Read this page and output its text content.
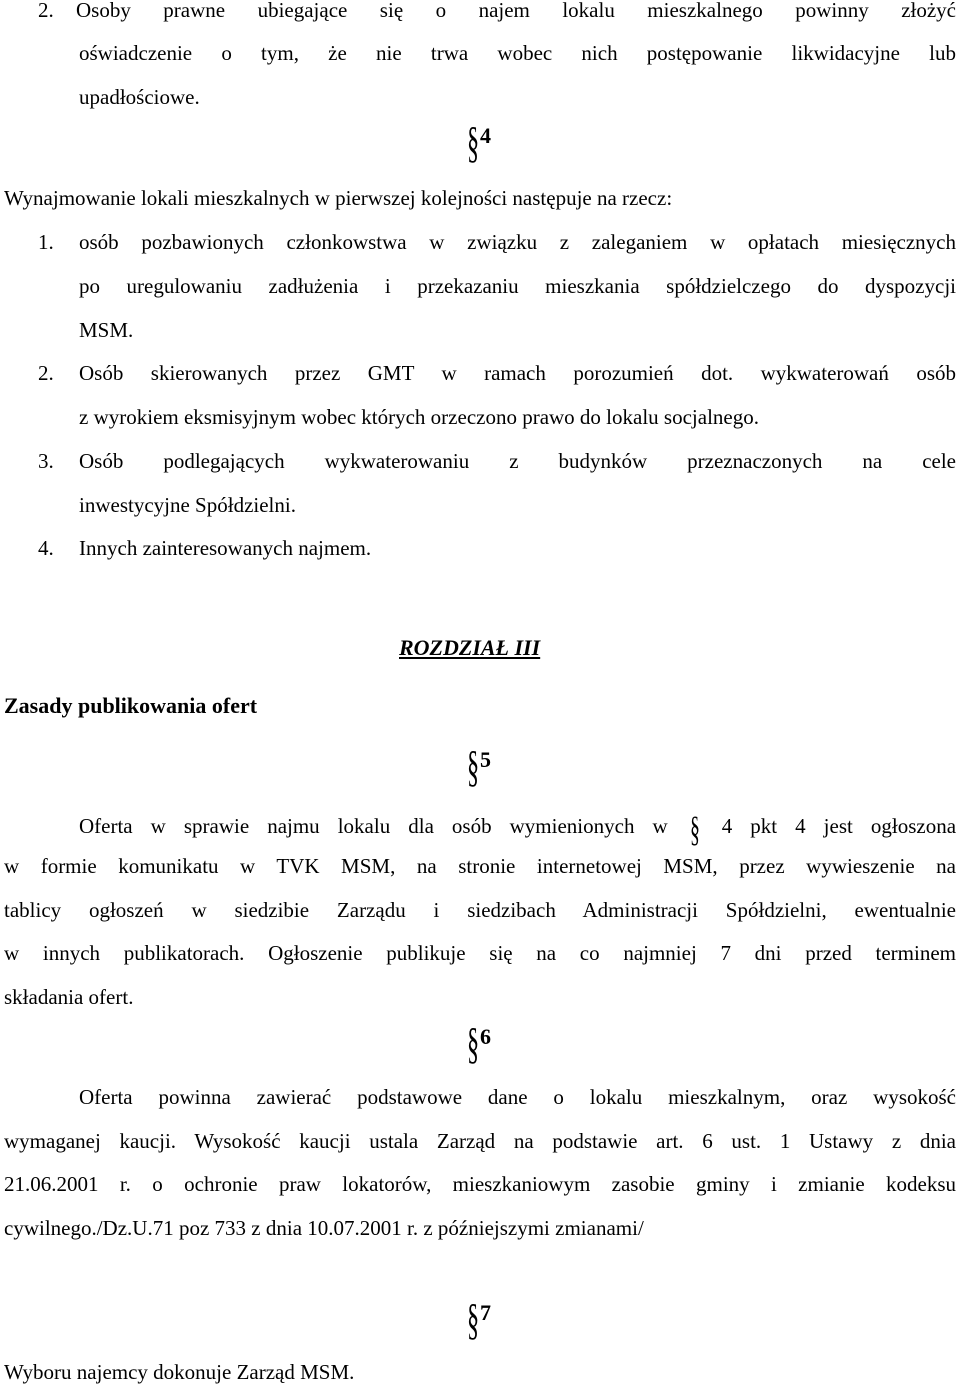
2. Osoby prawne ubiegające się o najem lokalu mieszkalnego powinny złożyć
oświadczenie o tym, że nie trwa wobec nich postępowanie likwidacyjne lub
upadłościowe.
§4
Wynajmowanie lokali mieszkalnych w pierwszej kolejności następuje na rzecz:
1. osób pozbawionych członkowstwa w związku z zaleganiem w opłatach miesięcznych
po uregulowaniu zadłużenia i przekazaniu mieszkania spółdzielczego do dyspozycji
MSM.
2. Osób skierowanych przez GMT w ramach porozumień dot. wykwaterowań osób
z wyrokiem eksmisyjnym wobec których orzeczono prawo do lokalu socjalnego.
3. Osób podlegających wykwaterowaniu z budynków przeznaczonych na cele
inwestycyjne Spółdzielni.
4. Innych zainteresowanych najmem.
ROZDZIAŁ III
Zasady publikowania ofert
§5
Oferta w sprawie najmu lokalu dla osób wymienionych w § 4 pkt 4 jest ogłoszona
w formie komunikatu w TVK MSM, na stronie internetowej MSM, przez wywieszenie na
tablicy ogłoszeń w siedzibie Zarządu i siedzibach Administracji Spółdzielni, ewentualnie
w innych publikatorach. Ogłoszenie publikuje się na co najmniej 7 dni przed terminem
składania ofert.
§6
Oferta powinna zawierać podstawowe dane o lokalu mieszkalnym, oraz wysokość
wymaganej kaucji. Wysokość kaucji ustala Zarząd na podstawie art. 6 ust. 1 Ustawy z dnia
21.06.2001 r. o ochronie praw lokatorów, mieszkaniowym zasobie gminy i zmianie kodeksu
cywilnego./Dz.U.71 poz 733 z dnia 10.07.2001 r. z późniejszymi zmianami/
§7
Wyboru najemcy dokonuje Zarząd MSM.
